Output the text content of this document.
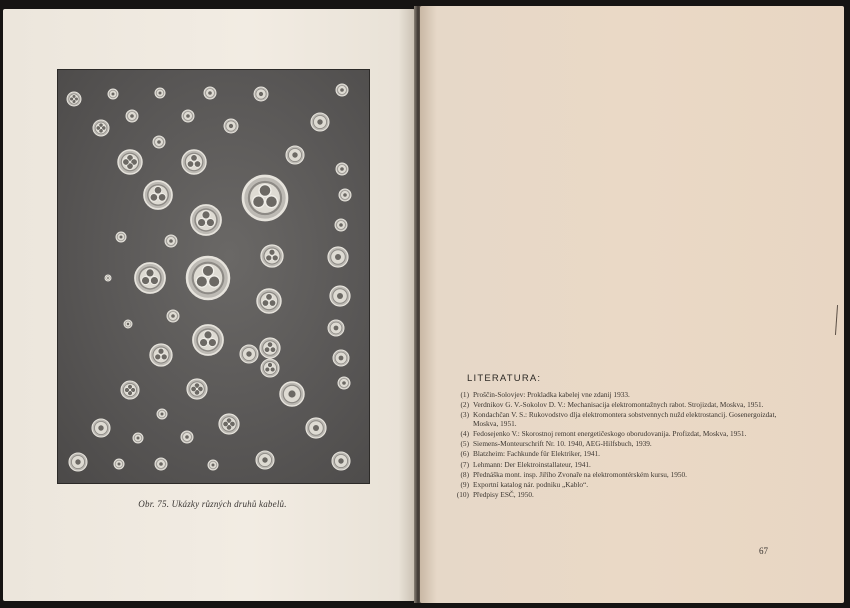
Obr. 75. Ukázky různých druhů kabelů.
LITERATURA:
(1) Proščin-Solovjev: Prokladka kabelej vne zdanij 1933.
(2) Verdnikov G. V.-Sokolov D. V.: Mechanisacija elektromontažnych rabot. Strojizdat, Moskva, 1951.
(3) Kondachčan V. S.: Rukovodstvo dlja elektromontera sobstvennych nužd elektrostancij. Gosenergoizdat, Moskva, 1951.
(4) Fedosejenko V.: Skorostnoj remont energetičeskogo oborudovanija. Profizdat, Moskva, 1951.
(5) Siemens-Monteurschrift Nr. 10. 1940, AEG-Hilfsbuch, 1939.
(6) Blatzheim: Fachkunde für Elektriker, 1941.
(7) Lehmann: Der Elektroinstallateur, 1941.
(8) Přednáška mont. insp. Jiřího Zvonaře na elektromontérském kursu, 1950.
(9) Exportní katalog nár. podniku „Kablo“.
(10) Předpisy ESČ, 1950.
67
